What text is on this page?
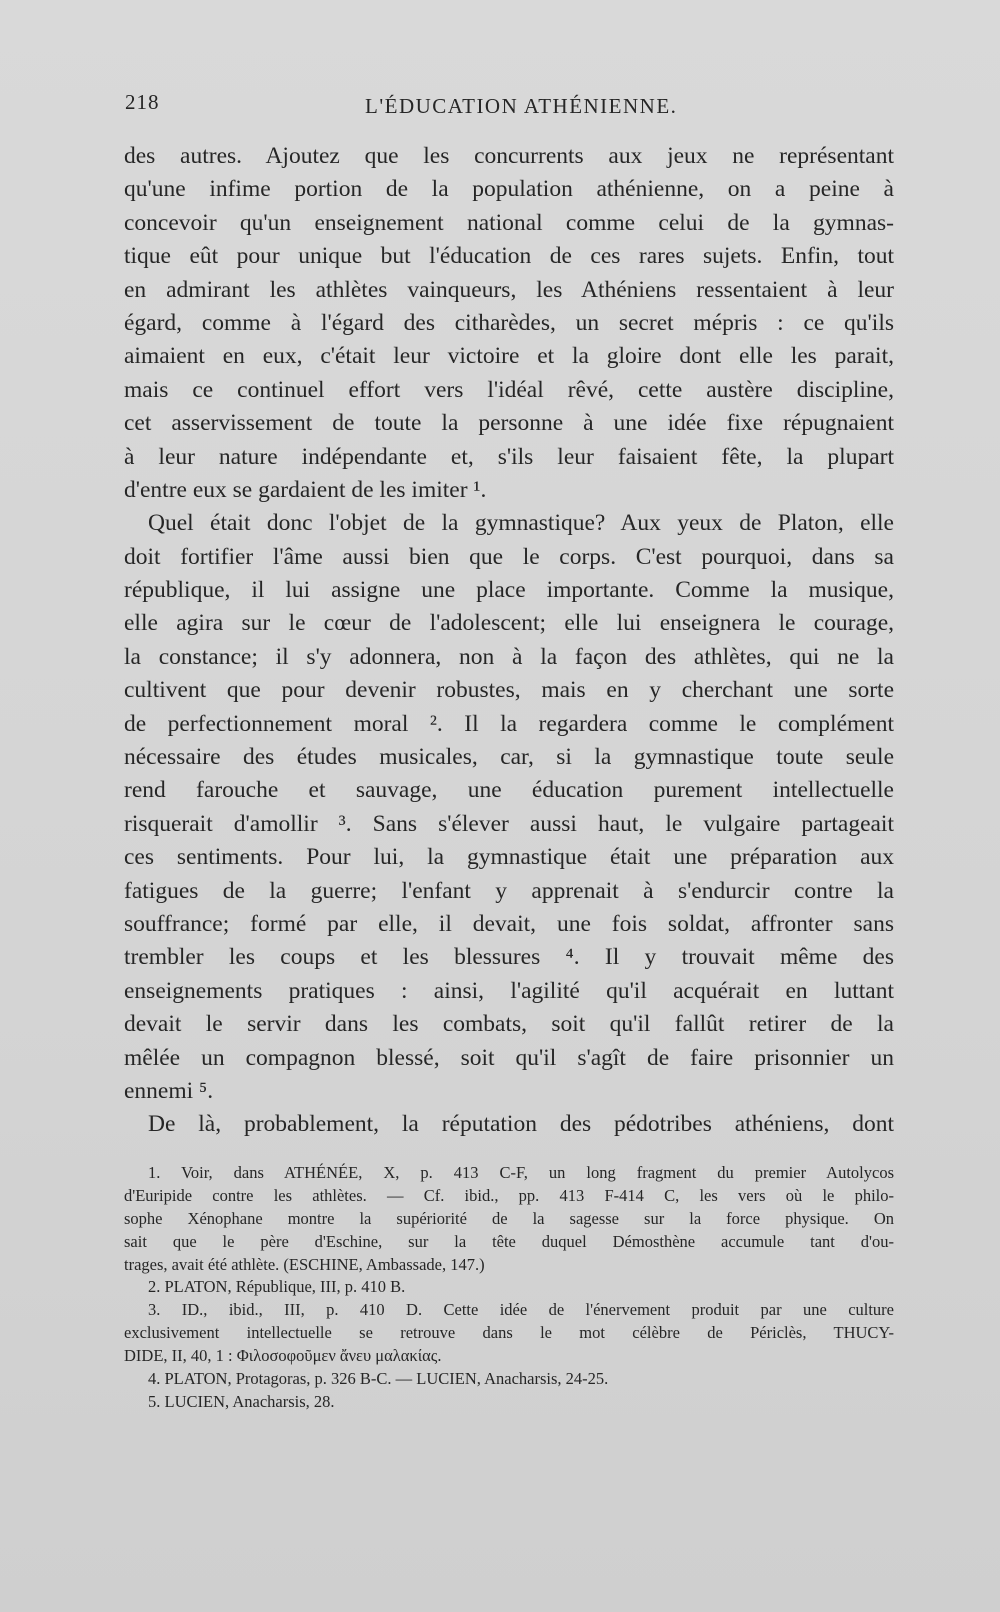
218	L'ÉDUCATION ATHÉNIENNE.
des autres. Ajoutez que les concurrents aux jeux ne représentant
qu'une infime portion de la population athénienne, on a peine à
concevoir qu'un enseignement national comme celui de la gymnas-
tique eût pour unique but l'éducation de ces rares sujets. Enfin, tout
en admirant les athlètes vainqueurs, les Athéniens ressentaient à leur
égard, comme à l'égard des citharèdes, un secret mépris : ce qu'ils
aimaient en eux, c'était leur victoire et la gloire dont elle les parait,
mais ce continuel effort vers l'idéal rêvé, cette austère discipline,
cet asservissement de toute la personne à une idée fixe répugnaient
à leur nature indépendante et, s'ils leur faisaient fête, la plupart
d'entre eux se gardaient de les imiter ¹.
Quel était donc l'objet de la gymnastique? Aux yeux de Platon, elle
doit fortifier l'âme aussi bien que le corps. C'est pourquoi, dans sa
république, il lui assigne une place importante. Comme la musique,
elle agira sur le cœur de l'adolescent; elle lui enseignera le courage,
la constance; il s'y adonnera, non à la façon des athlètes, qui ne la
cultivent que pour devenir robustes, mais en y cherchant une sorte
de perfectionnement moral ². Il la regardera comme le complément
nécessaire des études musicales, car, si la gymnastique toute seule
rend farouche et sauvage, une éducation purement intellectuelle
risquerait d'amollir ³. Sans s'élever aussi haut, le vulgaire partageait
ces sentiments. Pour lui, la gymnastique était une préparation aux
fatigues de la guerre; l'enfant y apprenait à s'endurcir contre la
souffrance; formé par elle, il devait, une fois soldat, affronter sans
trembler les coups et les blessures ⁴. Il y trouvait même des
enseignements pratiques : ainsi, l'agilité qu'il acquérait en luttant
devait le servir dans les combats, soit qu'il fallût retirer de la
mêlée un compagnon blessé, soit qu'il s'agît de faire prisonnier un
ennemi ⁵.
De là, probablement, la réputation des pédotribes athéniens, dont
1. Voir, dans ATHÉNÉE, X, p. 413 C-F, un long fragment du premier Autolycos
d'Euripide contre les athlètes. — Cf. ibid., pp. 413 F-414 C, les vers où le philo-
sophe Xénophane montre la supériorité de la sagesse sur la force physique. On
sait que le père d'Eschine, sur la tête duquel Démosthène accumule tant d'ou-
trages, avait été athlète. (ESCHINE, Ambassade, 147.)
2. PLATON, République, III, p. 410 B.
3. ID., ibid., III, p. 410 D. Cette idée de l'énervement produit par une culture
exclusivement intellectuelle se retrouve dans le mot célèbre de Périclès, THUCY-
DIDE, II, 40, 1 : Φιλοσοφοῦμεν ἄνευ μαλακίας.
4. PLATON, Protagoras, p. 326 B-C. — LUCIEN, Anacharsis, 24-25.
5. LUCIEN, Anacharsis, 28.
